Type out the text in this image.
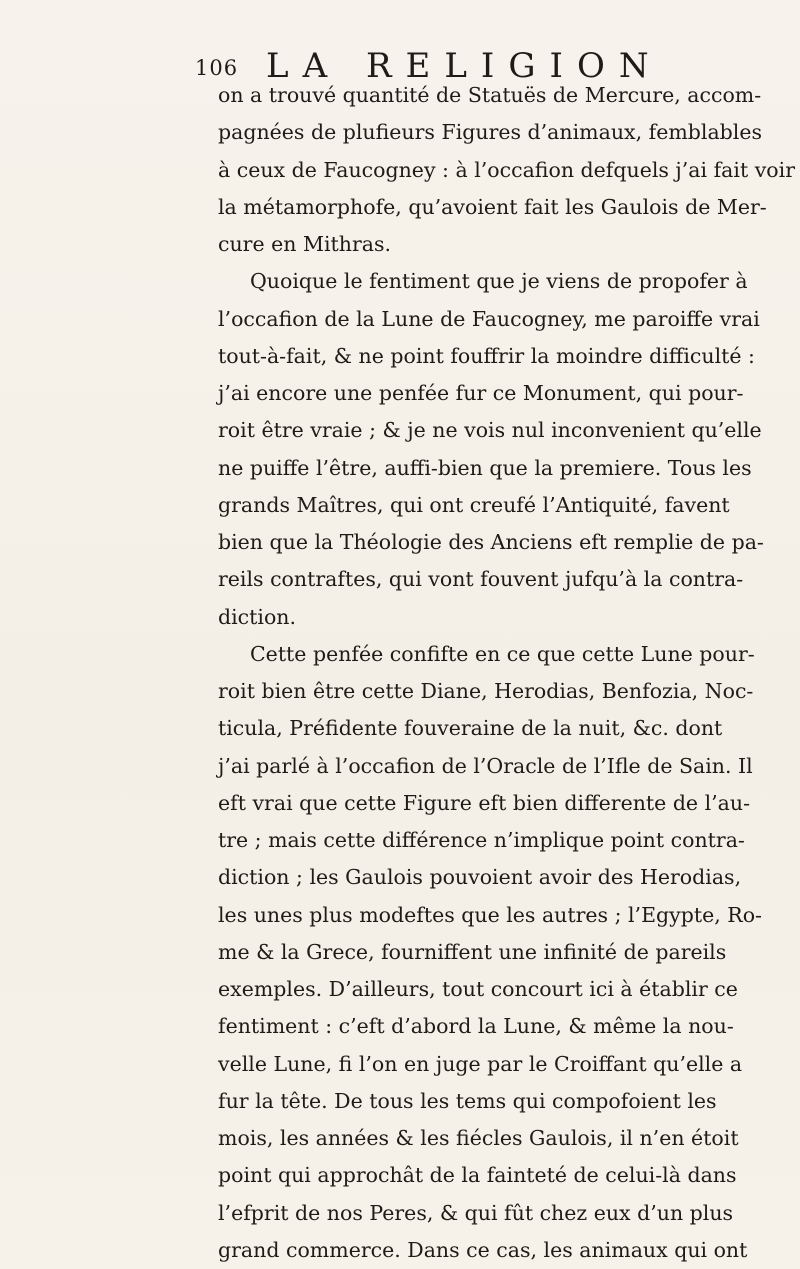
106 LA RELIGION
on a trouvé quantité de Statuës de Mercure, accom-
pagnées de plufieurs Figures d’animaux, femblables
à ceux de Faucogney : à l’occafion defquels j’ai fait voir
la métamorphofe, qu’avoient fait les Gaulois de Mer-
cure en Mithras.
Quoique le fentiment que je viens de propofer à
l’occafion de la Lune de Faucogney, me paroiffe vrai
tout-à-fait, & ne point fouffrir la moindre difficulté :
j’ai encore une penfée fur ce Monument, qui pour-
roit être vraie ; & je ne vois nul inconvenient qu’elle
ne puiffe l’être, auffi-bien que la premiere. Tous les
grands Maîtres, qui ont creufé l’Antiquité, favent
bien que la Théologie des Anciens eft remplie de pa-
reils contraftes, qui vont fouvent jufqu’à la contra-
diction.
Cette penfée confifte en ce que cette Lune pour-
roit bien être cette Diane, Herodias, Benfozia, Noc-
ticula, Préfidente fouveraine de la nuit, &c. dont
j’ai parlé à l’occafion de l’Oracle de l’Ifle de Sain. Il
eft vrai que cette Figure eft bien differente de l’au-
tre ; mais cette différence n’implique point contra-
diction ; les Gaulois pouvoient avoir des Herodias,
les unes plus modeftes que les autres ; l’Egypte, Ro-
me & la Grece, fourniffent une infinité de pareils
exemples. D’ailleurs, tout concourt ici à établir ce
fentiment : c’eft d’abord la Lune, & même la nou-
velle Lune, fi l’on en juge par le Croiffant qu’elle a
fur la tête. De tous les tems qui compofoient les
mois, les années & les fiécles Gaulois, il n’en étoit
point qui approchât de la fainteté de celui-là dans
l’efprit de nos Peres, & qui fût chez eux d’un plus
grand commerce. Dans ce cas, les animaux qui ont
